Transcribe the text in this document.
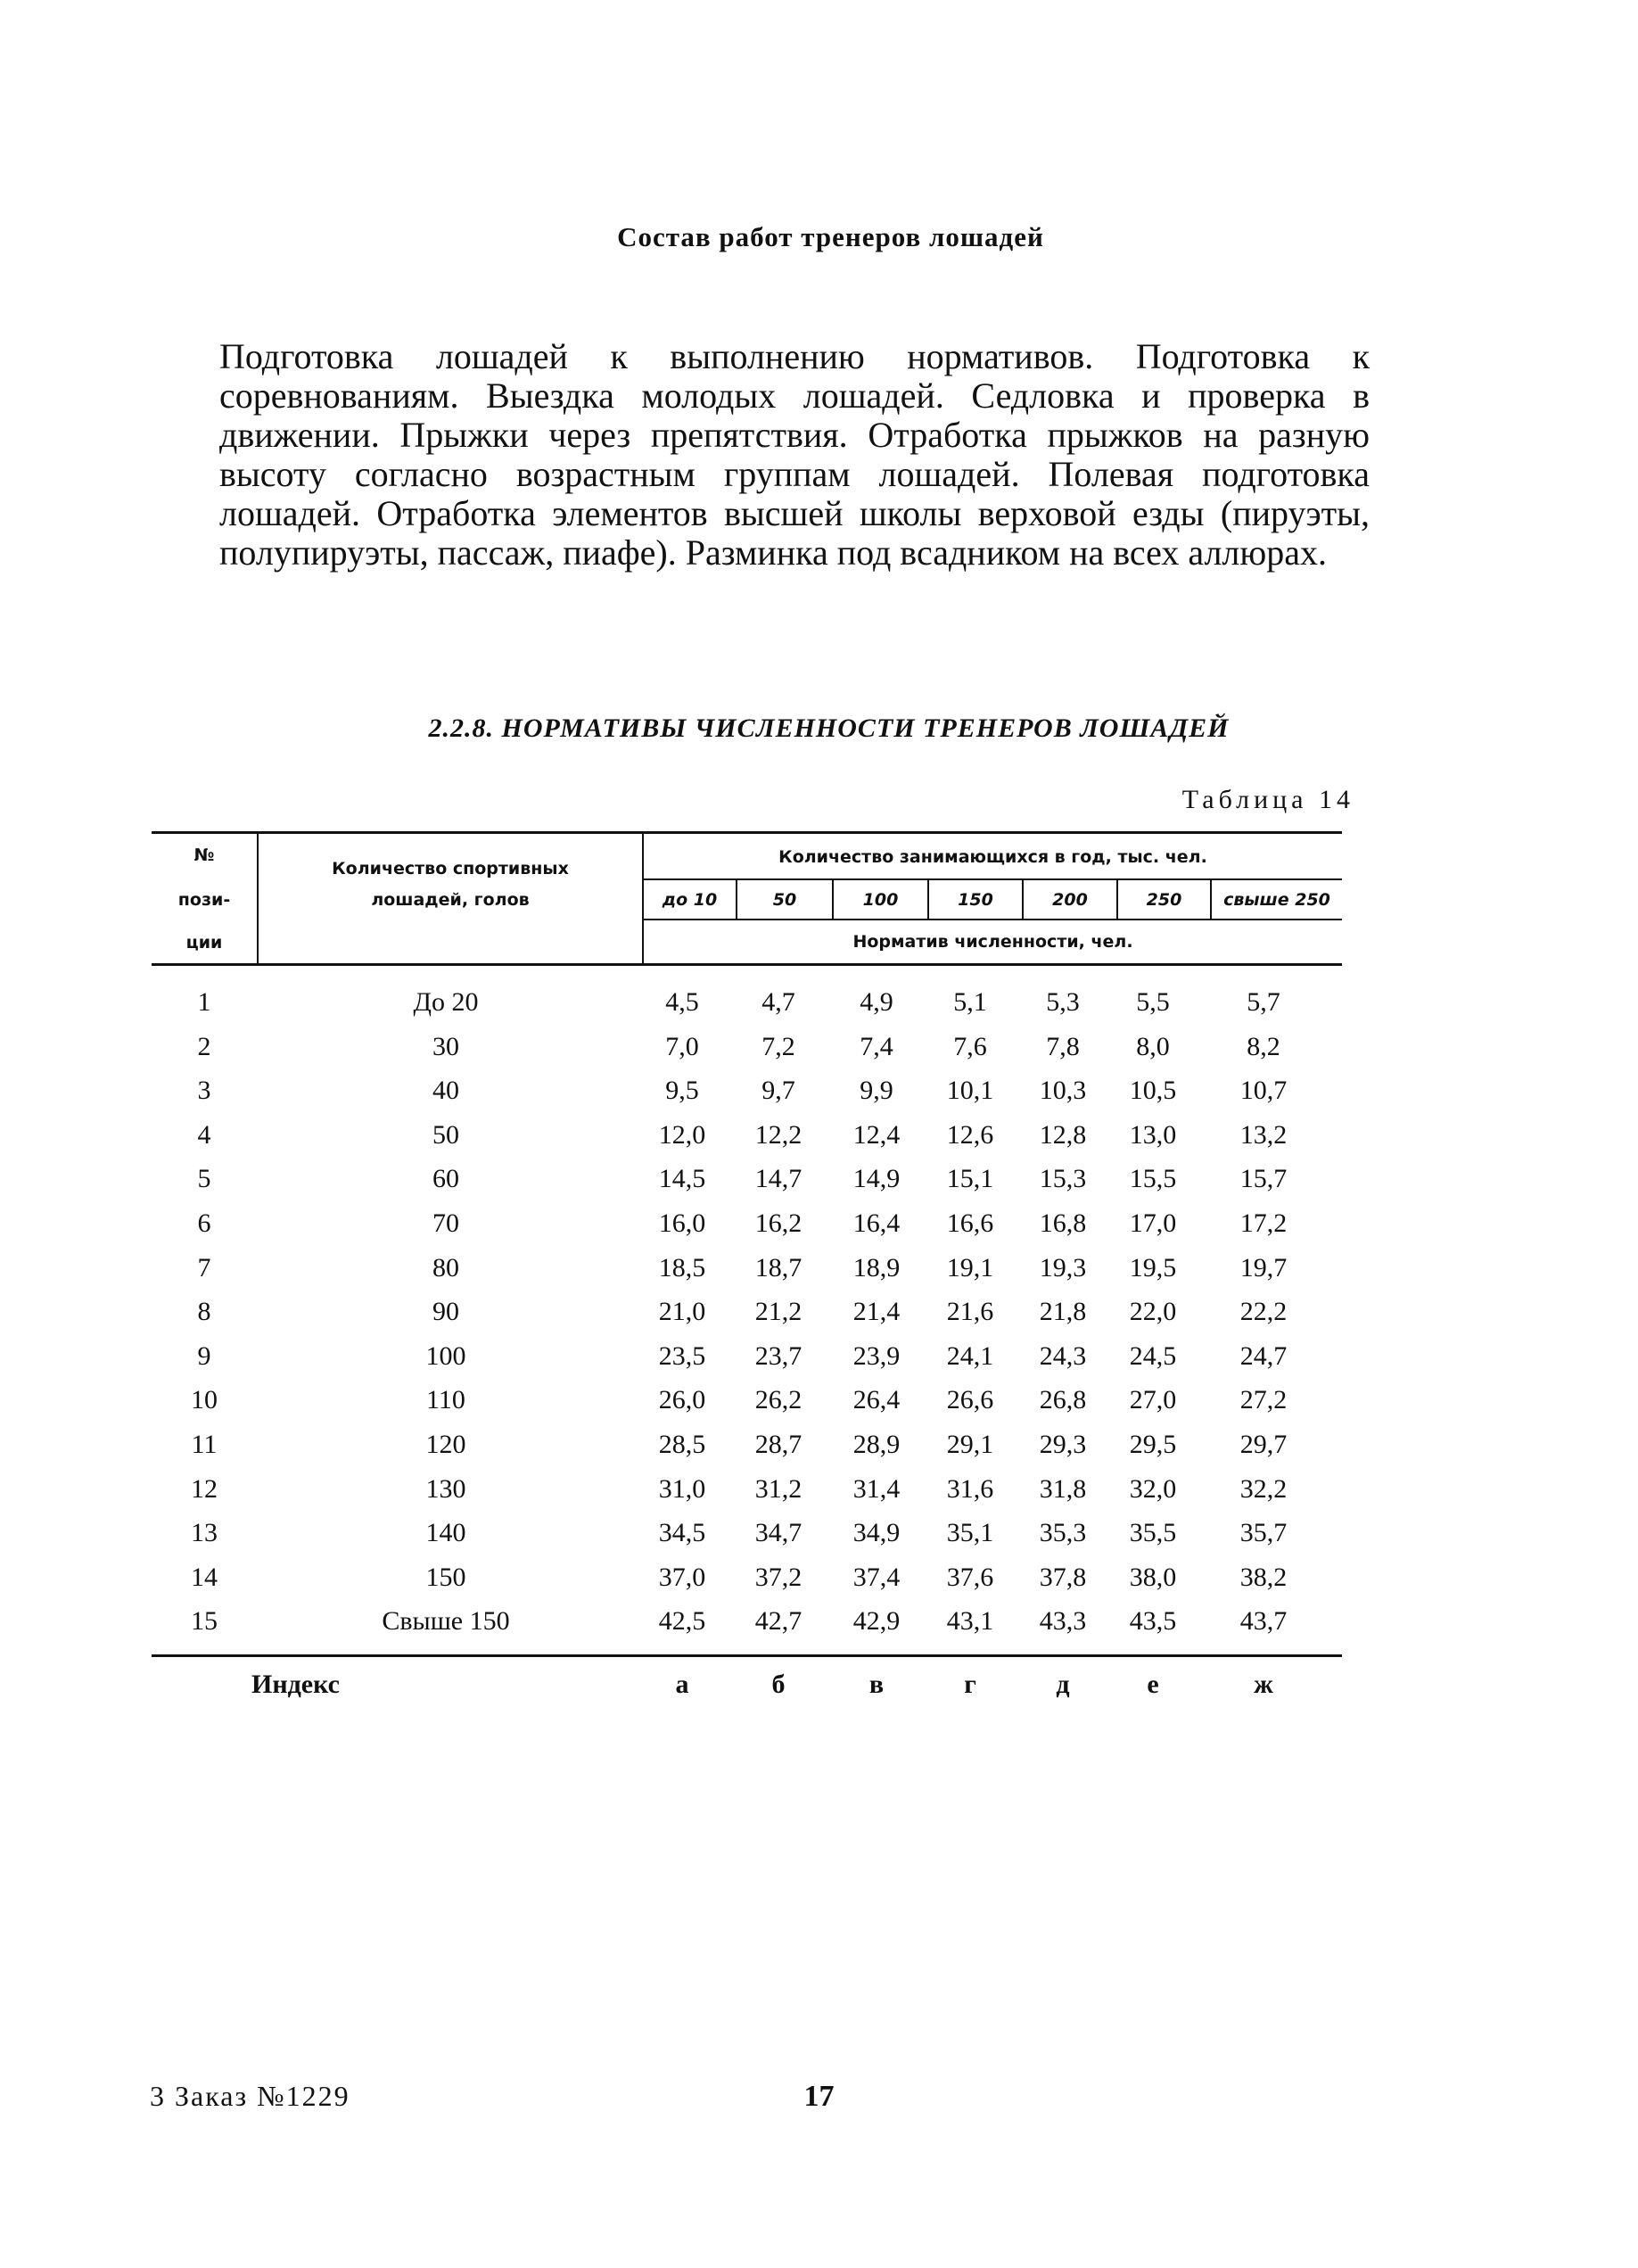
Состав работ тренеров лошадей
Подготовка лошадей к выполнению нормативов. Подготовка к соревнованиям. Выездка молодых лошадей. Седловка и проверка в движении. Прыжки через препятствия. Отработка прыжков на разную высоту согласно возрастным группам лошадей. Полевая подготовка лошадей. Отработка элементов высшей школы верховой езды (пируэты, полупируэты, пассаж, пиафе). Разминка под всадником на всех аллюрах.
2.2.8. НОРМАТИВЫ ЧИСЛЕННОСТИ ТРЕНЕРОВ ЛОШАДЕЙ
Таблица 14
№
пози-
ции
Количество спортивных
лошадей, голов
Количество занимающихся в год, тыс. чел.
до 10	50	100	150	200	250	свыше 250
Норматив численности, чел.
1	До 20	4,5	4,7	4,9	5,1	5,3	5,5	5,7
2	30	7,0	7,2	7,4	7,6	7,8	8,0	8,2
3	40	9,5	9,7	9,9	10,1	10,3	10,5	10,7
4	50	12,0	12,2	12,4	12,6	12,8	13,0	13,2
5	60	14,5	14,7	14,9	15,1	15,3	15,5	15,7
6	70	16,0	16,2	16,4	16,6	16,8	17,0	17,2
7	80	18,5	18,7	18,9	19,1	19,3	19,5	19,7
8	90	21,0	21,2	21,4	21,6	21,8	22,0	22,2
9	100	23,5	23,7	23,9	24,1	24,3	24,5	24,7
10	110	26,0	26,2	26,4	26,6	26,8	27,0	27,2
11	120	28,5	28,7	28,9	29,1	29,3	29,5	29,7
12	130	31,0	31,2	31,4	31,6	31,8	32,0	32,2
13	140	34,5	34,7	34,9	35,1	35,3	35,5	35,7
14	150	37,0	37,2	37,4	37,6	37,8	38,0	38,2
15	Свыше 150	42,5	42,7	42,9	43,1	43,3	43,5	43,7
Индекс	а	б	в	г	д	е	ж
3 Заказ №1229	17
